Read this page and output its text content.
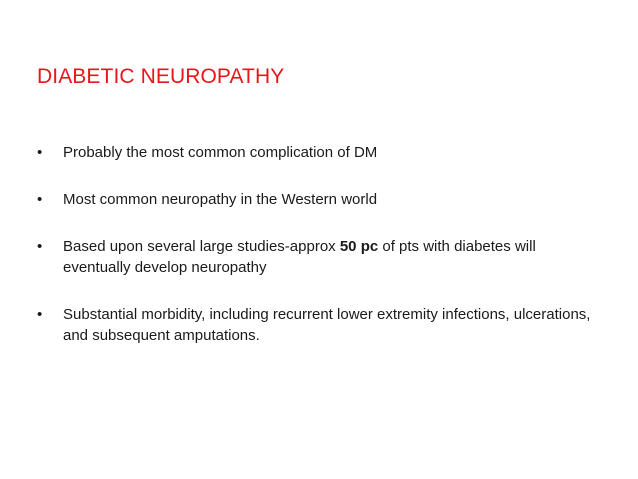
DIABETIC NEUROPATHY
•	Probably the most common complication of DM
•	Most common neuropathy in the Western world
•	Based upon several large studies-approx 50 pc of pts with diabetes will eventually develop neuropathy
•	Substantial morbidity, including recurrent lower extremity infections, ulcerations, and subsequent amputations.
